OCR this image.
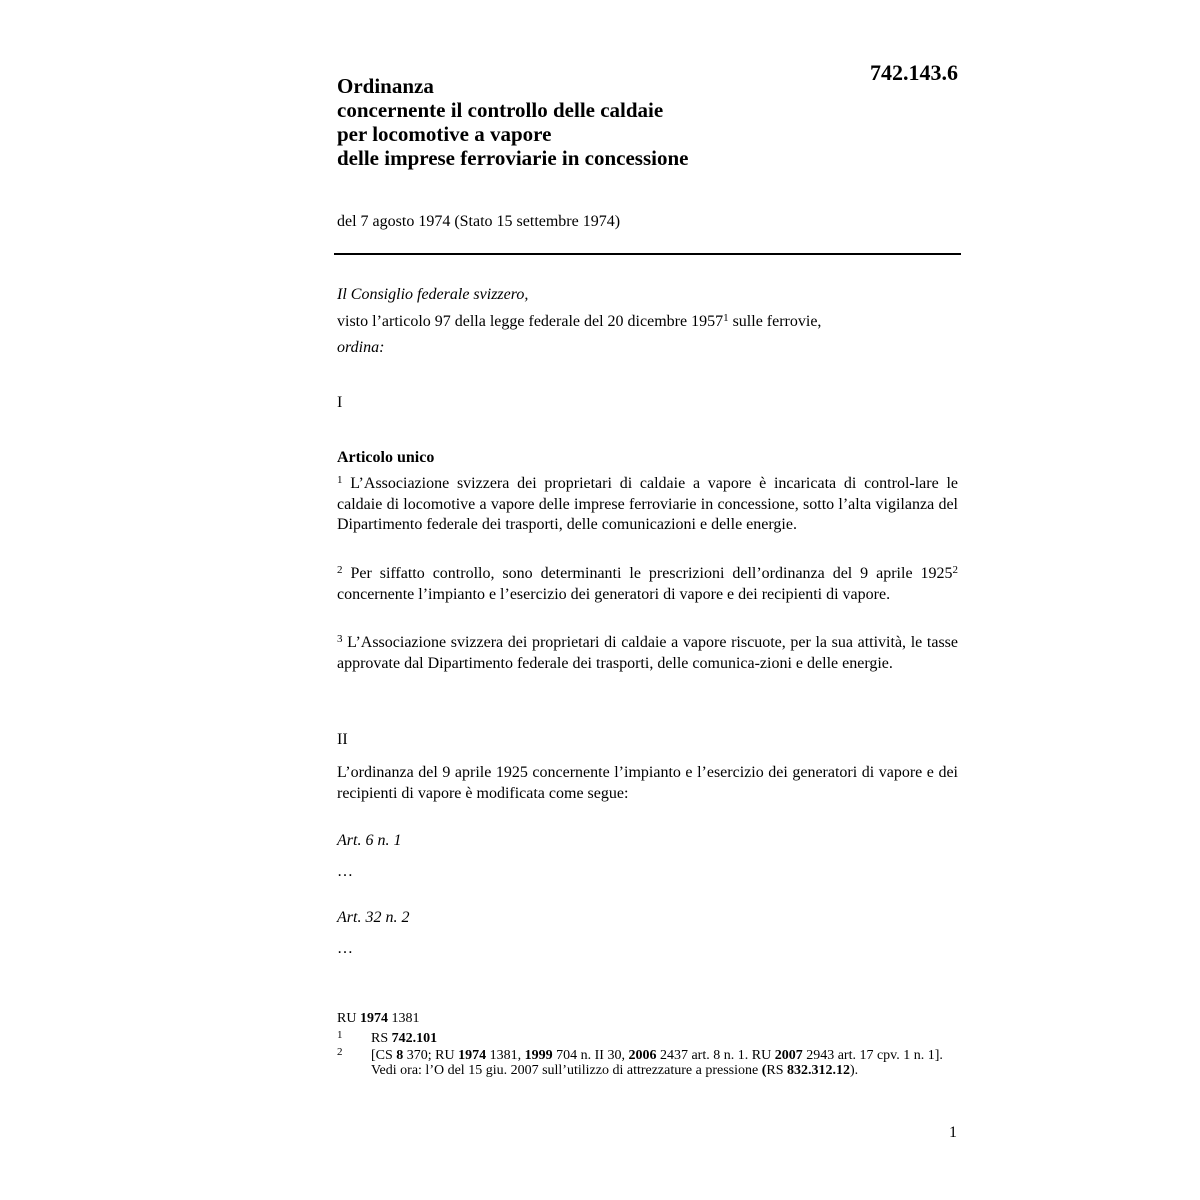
742.143.6
Ordinanza
concernente il controllo delle caldaie
per locomotive a vapore
delle imprese ferroviarie in concessione
del 7 agosto 1974 (Stato 15 settembre 1974)
Il Consiglio federale svizzero,
visto l’articolo 97 della legge federale del 20 dicembre 1957$^1$ sulle ferrovie,
ordina:
I
Articolo unico
$^1$ L’Associazione svizzera dei proprietari di caldaie a vapore è incaricata di control-lare le caldaie di locomotive a vapore delle imprese ferroviarie in concessione, sotto l’alta vigilanza del Dipartimento federale dei trasporti, delle comunicazioni e delle energie.
$^2$ Per siffatto controllo, sono determinanti le prescrizioni dell’ordinanza del 9 aprile 1925$^2$ concernente l’impianto e l’esercizio dei generatori di vapore e dei recipienti di vapore.
$^3$ L’Associazione svizzera dei proprietari di caldaie a vapore riscuote, per la sua attività, le tasse approvate dal Dipartimento federale dei trasporti, delle comunica-zioni e delle energie.
II
L’ordinanza del 9 aprile 1925 concernente l’impianto e l’esercizio dei generatori di vapore e dei recipienti di vapore è modificata come segue:
Art. 6 n. 1
…
Art. 32 n. 2
…
RU 1974 1381
1 RS 742.101
2 [CS 8 370; RU 1974 1381, 1999 704 n. II 30, 2006 2437 art. 8 n. 1. RU 2007 2943 art. 17 cpv. 1 n. 1]. Vedi ora: l’O del 15 giu. 2007 sull’utilizzo di attrezzature a pressione (RS 832.312.12).
1
